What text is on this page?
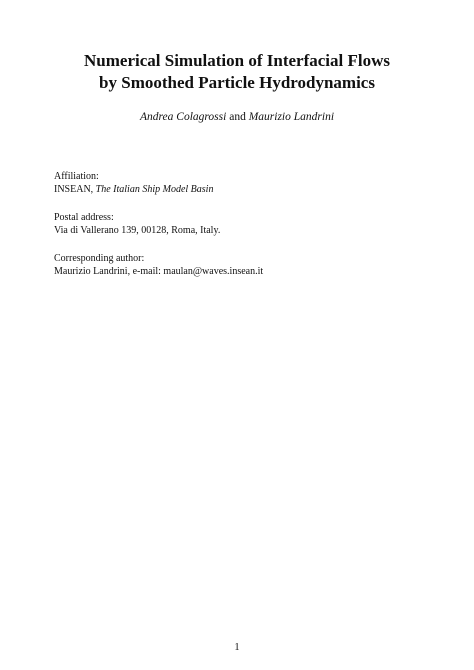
Numerical Simulation of Interfacial Flows
by Smoothed Particle Hydrodynamics
Andrea Colagrossi and Maurizio Landrini
Affiliation:
INSEAN, The Italian Ship Model Basin
Postal address:
Via di Vallerano 139, 00128, Roma, Italy.
Corresponding author:
Maurizio Landrini, e-mail: maulan@waves.insean.it
1
